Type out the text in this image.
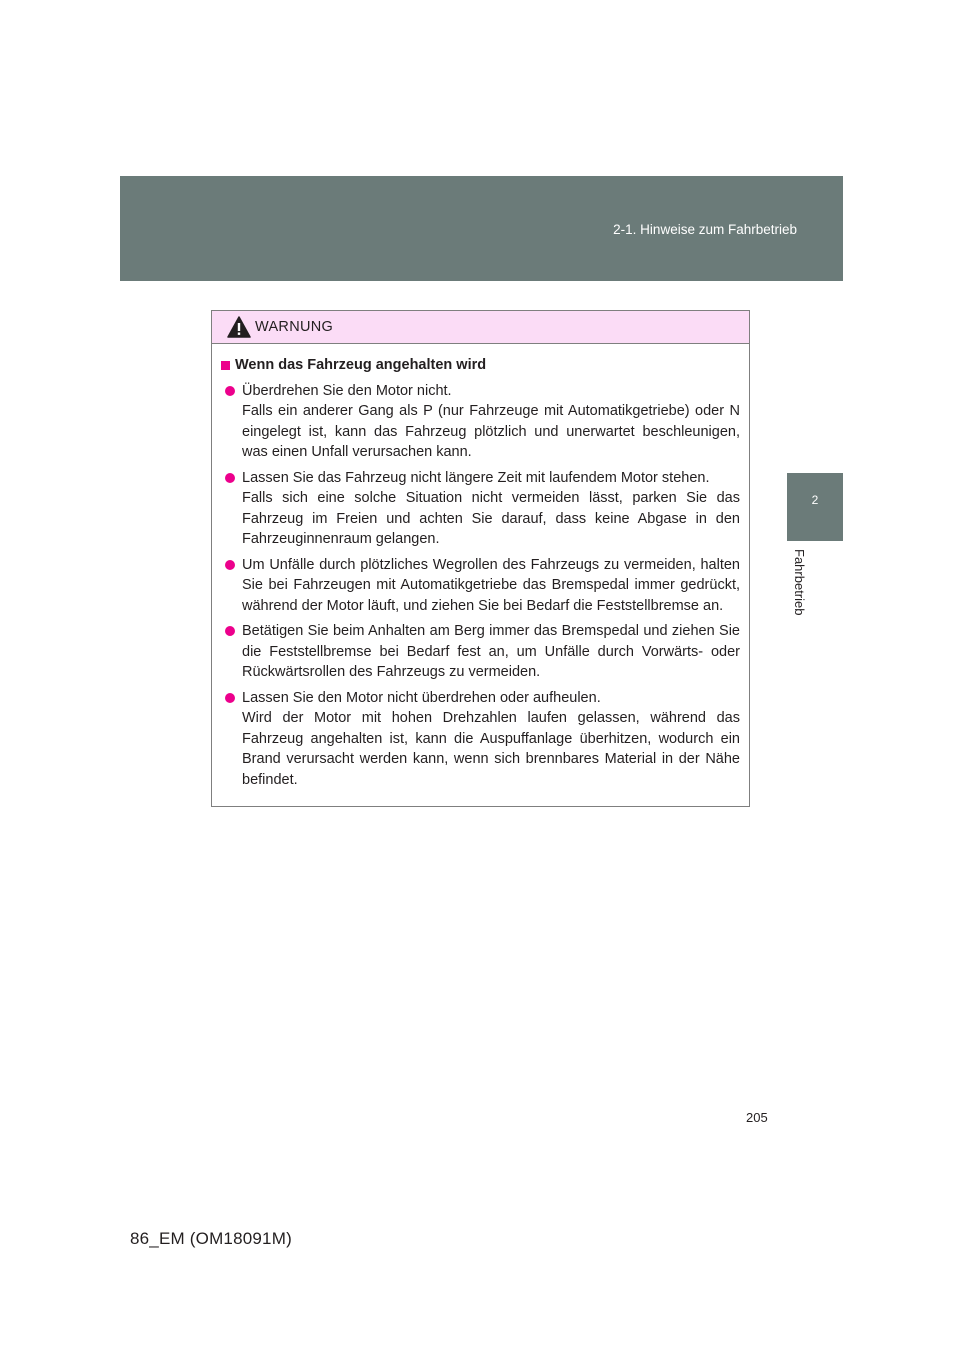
2-1. Hinweise zum Fahrbetrieb
2
Fahrbetrieb
WARNUNG
Wenn das Fahrzeug angehalten wird
Überdrehen Sie den Motor nicht.
Falls ein anderer Gang als P (nur Fahrzeuge mit Automatikgetriebe) oder N eingelegt ist, kann das Fahrzeug plötzlich und unerwartet beschleunigen, was einen Unfall verursachen kann.
Lassen Sie das Fahrzeug nicht längere Zeit mit laufendem Motor stehen.
Falls sich eine solche Situation nicht vermeiden lässt, parken Sie das Fahrzeug im Freien und achten Sie darauf, dass keine Abgase in den Fahrzeuginnenraum gelangen.
Um Unfälle durch plötzliches Wegrollen des Fahrzeugs zu vermeiden, halten Sie bei Fahrzeugen mit Automatikgetriebe das Bremspedal immer gedrückt, während der Motor läuft, und ziehen Sie bei Bedarf die Feststellbremse an.
Betätigen Sie beim Anhalten am Berg immer das Bremspedal und ziehen Sie die Feststellbremse bei Bedarf fest an, um Unfälle durch Vorwärts- oder Rückwärtsrollen des Fahrzeugs zu vermeiden.
Lassen Sie den Motor nicht überdrehen oder aufheulen.
Wird der Motor mit hohen Drehzahlen laufen gelassen, während das Fahrzeug angehalten ist, kann die Auspuffanlage überhitzen, wodurch ein Brand verursacht werden kann, wenn sich brennbares Material in der Nähe befindet.
205
86_EM (OM18091M)
